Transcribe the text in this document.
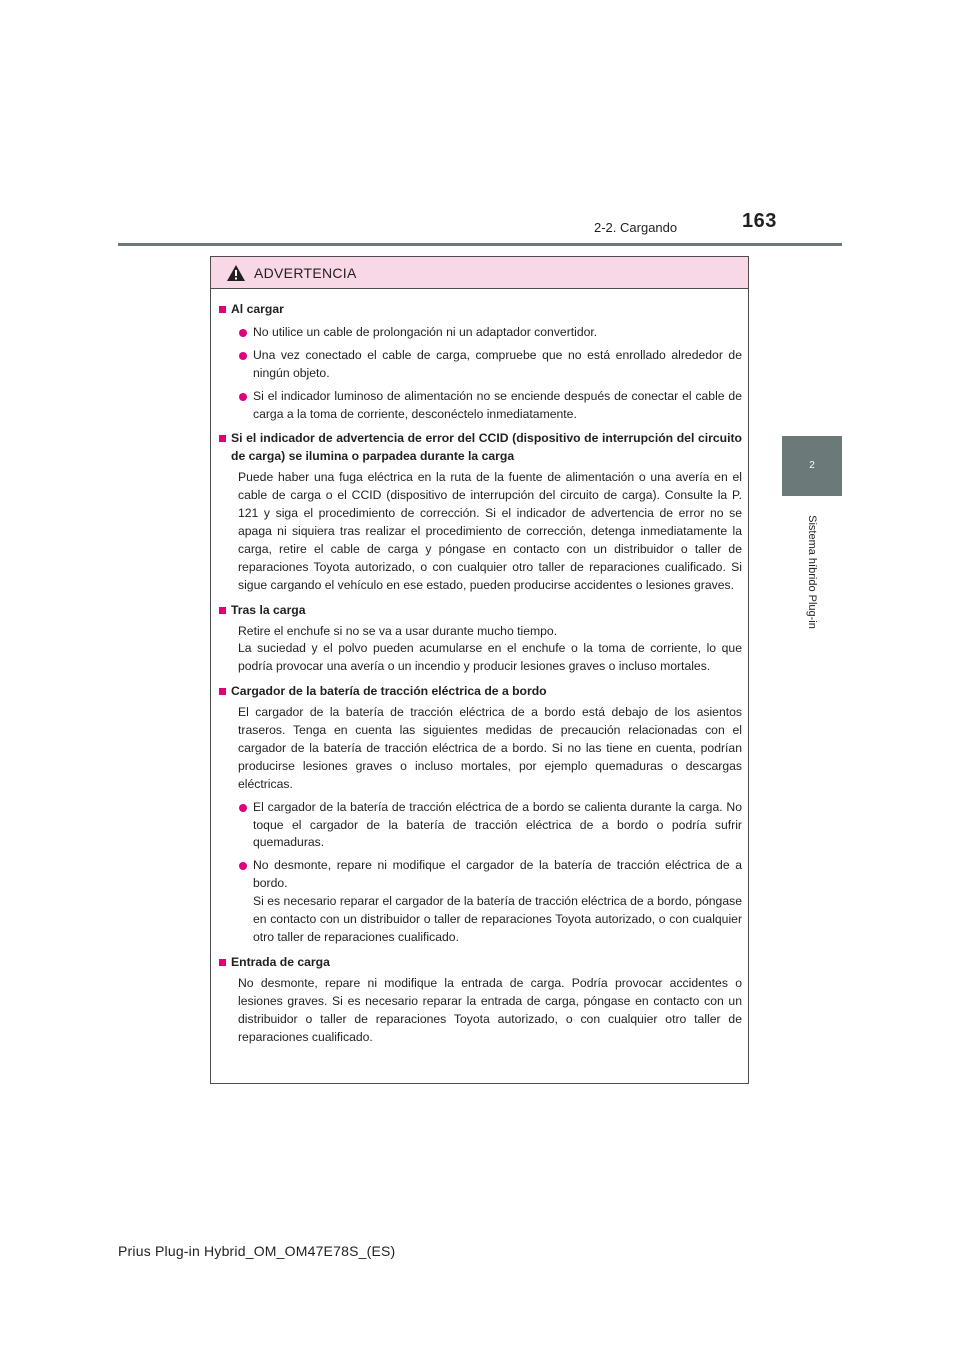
2-2. Cargando	163
2
Sistema híbrido Plug-in
ADVERTENCIA
Al cargar
No utilice un cable de prolongación ni un adaptador convertidor.
Una vez conectado el cable de carga, compruebe que no está enrollado alrededor de ningún objeto.
Si el indicador luminoso de alimentación no se enciende después de conectar el cable de carga a la toma de corriente, desconéctelo inmediatamente.
Si el indicador de advertencia de error del CCID (dispositivo de interrupción del circuito de carga) se ilumina o parpadea durante la carga
Puede haber una fuga eléctrica en la ruta de la fuente de alimentación o una avería en el cable de carga o el CCID (dispositivo de interrupción del circuito de carga). Consulte la P. 121 y siga el procedimiento de corrección. Si el indicador de advertencia de error no se apaga ni siquiera tras realizar el procedimiento de corrección, detenga inmediatamente la carga, retire el cable de carga y póngase en contacto con un distribuidor o taller de reparaciones Toyota autorizado, o con cualquier otro taller de reparaciones cualificado. Si sigue cargando el vehículo en ese estado, pueden producirse accidentes o lesiones graves.
Tras la carga
Retire el enchufe si no se va a usar durante mucho tiempo.
La suciedad y el polvo pueden acumularse en el enchufe o la toma de corriente, lo que podría provocar una avería o un incendio y producir lesiones graves o incluso mortales.
Cargador de la batería de tracción eléctrica de a bordo
El cargador de la batería de tracción eléctrica de a bordo está debajo de los asientos traseros. Tenga en cuenta las siguientes medidas de precaución relacionadas con el cargador de la batería de tracción eléctrica de a bordo. Si no las tiene en cuenta, podrían producirse lesiones graves o incluso mortales, por ejemplo quemaduras o descargas eléctricas.
El cargador de la batería de tracción eléctrica de a bordo se calienta durante la carga. No toque el cargador de la batería de tracción eléctrica de a bordo o podría sufrir quemaduras.
No desmonte, repare ni modifique el cargador de la batería de tracción eléctrica de a bordo.
Si es necesario reparar el cargador de la batería de tracción eléctrica de a bordo, póngase en contacto con un distribuidor o taller de reparaciones Toyota autorizado, o con cualquier otro taller de reparaciones cualificado.
Entrada de carga
No desmonte, repare ni modifique la entrada de carga. Podría provocar accidentes o lesiones graves. Si es necesario reparar la entrada de carga, póngase en contacto con un distribuidor o taller de reparaciones Toyota autorizado, o con cualquier otro taller de reparaciones cualificado.
Prius Plug-in Hybrid_OM_OM47E78S_(ES)
